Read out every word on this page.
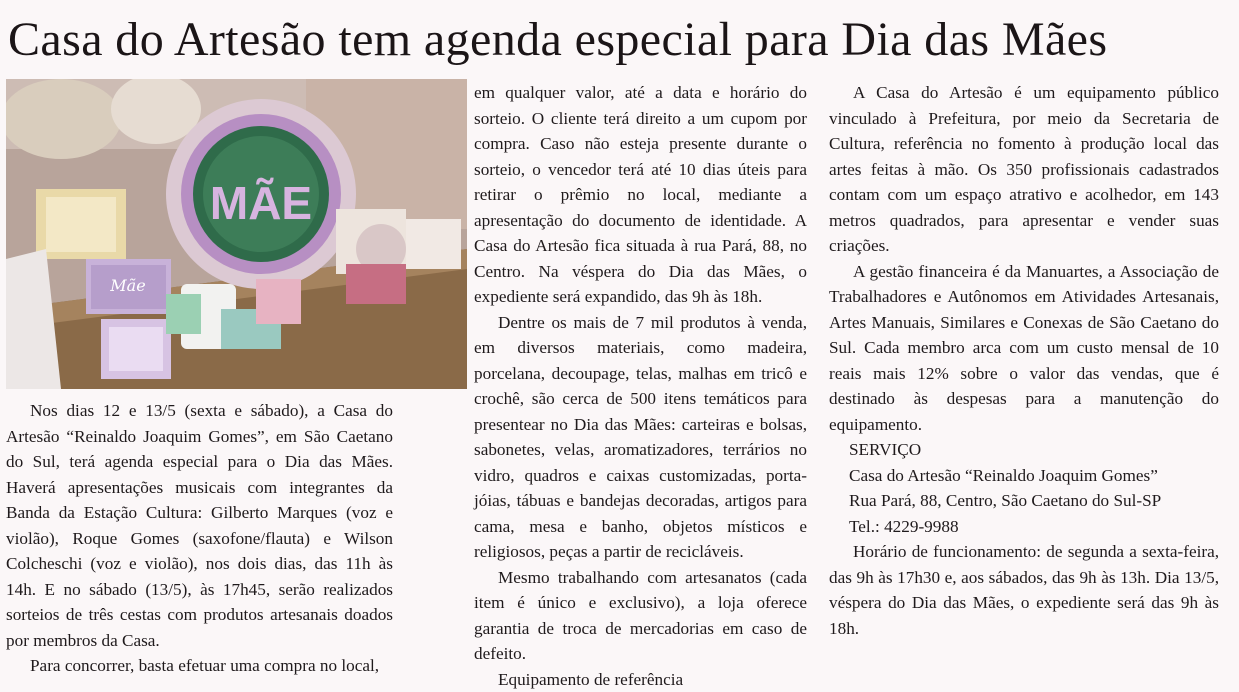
Casa do Artesão tem agenda especial para Dia das Mães
MÃE
Mãe

Nos dias 12 e 13/5 (sexta e sábado), a Casa do Artesão “Reinaldo Joaquim Gomes”, em São Caetano do Sul, terá agenda especial para o Dia das Mães. Haverá apresentações musicais com integrantes da Banda da Estação Cultura: Gilberto Marques (voz e violão), Roque Gomes (saxofone/flauta) e Wilson Colcheschi (voz e violão), nos dois dias, das 11h às 14h. E no sábado (13/5), às 17h45, serão realizados sorteios de três cestas com produtos artesanais doados por membros da Casa.

Para concorrer, basta efetuar uma compra no local,

em qualquer valor, até a data e horário do sorteio. O cliente terá direito a um cupom por compra. Caso não esteja presente durante o sorteio, o vencedor terá até 10 dias úteis para retirar o prêmio no local, mediante a apresentação do documento de identidade. A Casa do Artesão fica situada à rua Pará, 88, no Centro. Na véspera do Dia das Mães, o expediente será expandido, das 9h às 18h.

Dentre os mais de 7 mil produtos à venda, em diversos materiais, como madeira, porcelana, decoupage, telas, malhas em tricô e crochê, são cerca de 500 itens temáticos para presentear no Dia das Mães: carteiras e bolsas, sabonetes, velas, aromatizadores, terrários no vidro, quadros e caixas customizadas, porta-jóias, tábuas e bandejas decoradas, artigos para cama, mesa e banho, objetos místicos e religiosos, peças a partir de recicláveis.

Mesmo trabalhando com artesanatos (cada item é único e exclusivo), a loja oferece garantia de troca de mercadorias em caso de defeito.

Equipamento de referência

A Casa do Artesão é um equipamento público vinculado à Prefeitura, por meio da Secretaria de Cultura, referência no fomento à produção local das artes feitas à mão. Os 350 profissionais cadastrados contam com um espaço atrativo e acolhedor, em 143 metros quadrados, para apresentar e vender suas criações.

A gestão financeira é da Manuartes, a Associação de Trabalhadores e Autônomos em Atividades Artesanais, Artes Manuais, Similares e Conexas de São Caetano do Sul. Cada membro arca com um custo mensal de 10 reais mais 12% sobre o valor das vendas, que é destinado às despesas para a manutenção do equipamento.

SERVIÇO

Casa do Artesão “Reinaldo Joaquim Gomes”

Rua Pará, 88, Centro, São Caetano do Sul-SP

Tel.: 4229-9988

Horário de funcionamento: de segunda a sexta-feira, das 9h às 17h30 e, aos sábados, das 9h às 13h. Dia 13/5, véspera do Dia das Mães, o expediente será das 9h às 18h.
